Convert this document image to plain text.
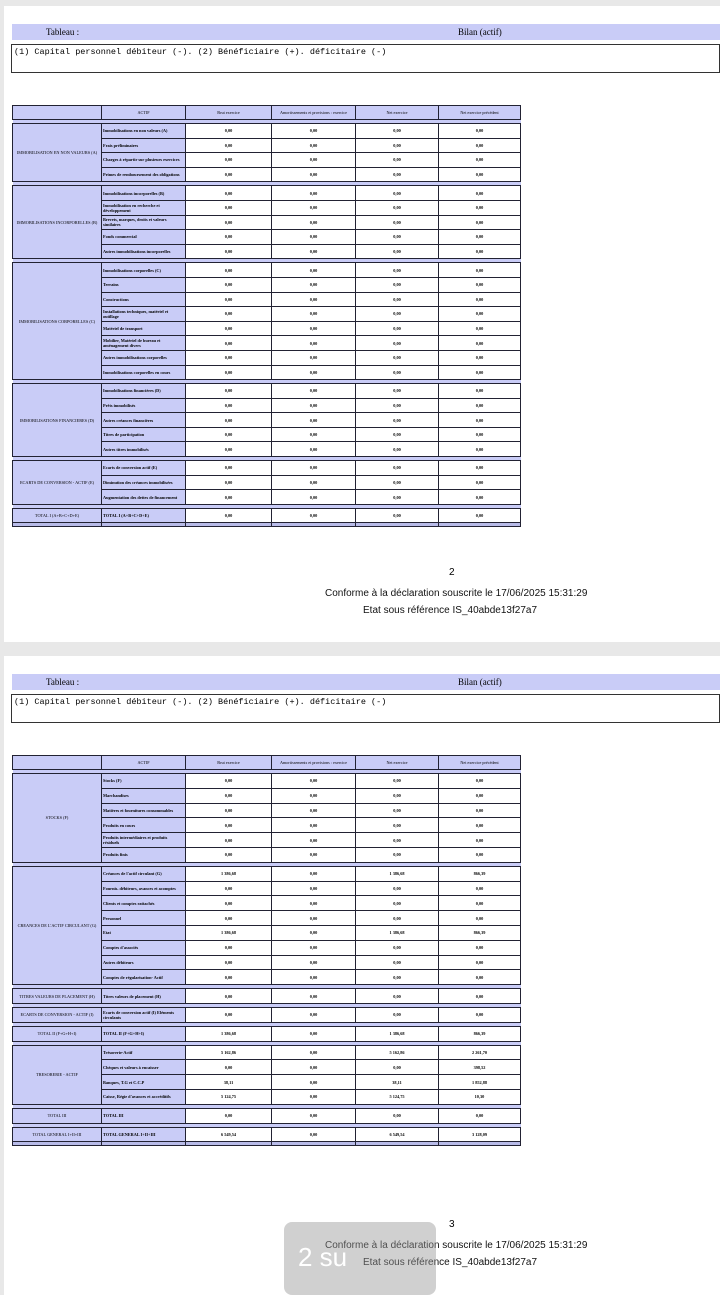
Tableau :	Bilan (actif)
(1) Capital personnel débiteur (-). (2) Bénéficiaire (+). déficitaire (-)
	ACTIF	Brut exercice	Amortissements et provisions : exercice	Net exercice	Net exercice précédent

IMMOBILISATION EN NON VALEURS (A)	Immobilisations en non valeurs (A)	0,00	0,00	0,00	0,00
	Frais préliminaires	0,00	0,00	0,00	0,00
	Charges à répartir sur plusieurs exercices	0,00	0,00	0,00	0,00
	Primes de remboursement des obligations	0,00	0,00	0,00	0,00

IMMOBILISATIONS INCORPORELLES (B)	Immobilisations incorporelles (B)	0,00	0,00	0,00	0,00
	Immobilisation en recherche et développement	0,00	0,00	0,00	0,00
	Brevets, marques, droits et valeurs similaires	0,00	0,00	0,00	0,00
	Fonds commercial	0,00	0,00	0,00	0,00
	Autres immobilisations incorporelles	0,00	0,00	0,00	0,00

IMMOBILISATIONS CORPORELLES (C)	Immobilisations corporelles (C)	0,00	0,00	0,00	0,00
	Terrains	0,00	0,00	0,00	0,00
	Constructions	0,00	0,00	0,00	0,00
	Installations techniques, matériel et outillage	0,00	0,00	0,00	0,00
	Matériel de transport	0,00	0,00	0,00	0,00
	Mobilier, Matériel de bureau et aménagement divers	0,00	0,00	0,00	0,00
	Autres immobilisations corporelles	0,00	0,00	0,00	0,00
	Immobilisations corporelles en cours	0,00	0,00	0,00	0,00

IMMOBILISATIONS FINANCIERES (D)	Immobilisations financières (D)	0,00	0,00	0,00	0,00
	Prêts immobilisés	0,00	0,00	0,00	0,00
	Autres créances financières	0,00	0,00	0,00	0,00
	Titres de participation	0,00	0,00	0,00	0,00
	Autres titres immobilisés	0,00	0,00	0,00	0,00

ECARTS DE CONVERSION - ACTIF (E)	Ecarts de conversion actif (E)	0,00	0,00	0,00	0,00
	Diminution des créances immobilisées	0,00	0,00	0,00	0,00
	Augmentation des dettes de financement	0,00	0,00	0,00	0,00

TOTAL I (A+B+C+D+E)	TOTAL I (A+B+C+D+E)	0,00	0,00	0,00	0,00

2
Conforme à la déclaration souscrite le 17/06/2025 15:31:29
Etat sous référence IS_40abde13f27a7
Tableau :	Bilan (actif)
(1) Capital personnel débiteur (-). (2) Bénéficiaire (+). déficitaire (-)
	ACTIF	Brut exercice	Amortissements et provisions : exercice	Net exercice	Net exercice précédent

STOCKS (F)	Stocks (F)	0,00	0,00	0,00	0,00
	Marchandises	0,00	0,00	0,00	0,00
	Matières et fournitures consommables	0,00	0,00	0,00	0,00
	Produits en cours	0,00	0,00	0,00	0,00
	Produits intermédiaires et produits résiduels	0,00	0,00	0,00	0,00
	Produits finis	0,00	0,00	0,00	0,00

CREANCES DE L'ACTIF CIRCULANT (G)	Créances de l'actif circulant (G)	1 386,68	0,00	1 386,68	866,39
	Fournis. débiteurs, avances et acomptes	0,00	0,00	0,00	0,00
	Clients et comptes rattachés	0,00	0,00	0,00	0,00
	Personnel	0,00	0,00	0,00	0,00
	Etat	1 386,68	0,00	1 386,68	866,39
	Comptes d'associés	0,00	0,00	0,00	0,00
	Autres débiteurs	0,00	0,00	0,00	0,00
	Comptes de régularisation- Actif	0,00	0,00	0,00	0,00

TITRES VALEURS DE PLACEMENT (H)	Titres valeurs de placement (H)	0,00	0,00	0,00	0,00

ECARTS DE CONVERSION - ACTIF (I)	Ecarts de conversion actif (I) Eléments circulants	0,00	0,00	0,00	0,00

TOTAL II (F+G+H+I)	TOTAL II (F+G+H+I)	1 386,68	0,00	1 386,68	866,39

TRESORERIE - ACTIF	Trésorerie-Actif	5 162,86	0,00	5 162,86	2 261,70
	Chèques et valeurs à encaisser	0,00	0,00	0,00	398,52
	Banques, T.G et C.C.P	38,11	0,00	38,11	1 852,88
	Caisse, Régie d'avances et accréditifs	5 124,75	0,00	5 124,75	10,30

TOTAL III	TOTAL III	0,00	0,00	0,00	0,00

TOTAL GENERAL I+II+III	TOTAL GENERAL I+II+III	6 549,54	0,00	6 549,54	3 128,09

3
Conforme à la déclaration souscrite le 17/06/2025 15:31:29
Etat sous référence IS_40abde13f27a7
2 su
